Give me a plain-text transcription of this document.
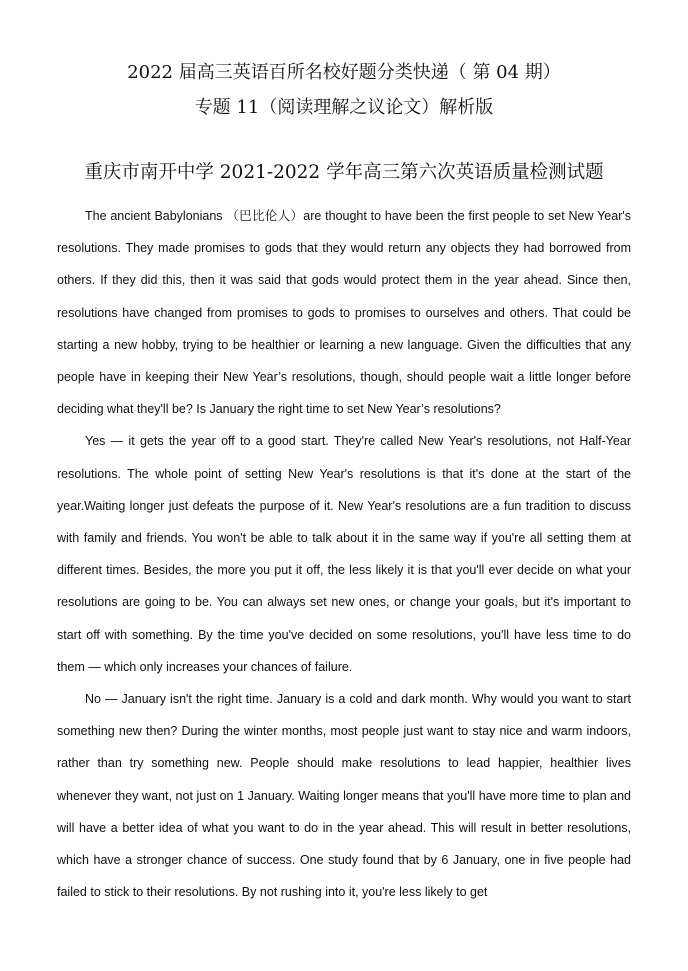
2022 届高三英语百所名校好题分类快递（ 第 04 期）
专题 11（阅读理解之议论文）解析版
重庆市南开中学 2021-2022 学年高三第六次英语质量检测试题

The ancient Babylonians （巴比伦人）are thought to have been the first people to set New Year's resolutions. They made promises to gods that they would return any objects they had borrowed from others. If they did this, then it was said that gods would protect them in the year ahead. Since then, resolutions have changed from promises to gods to promises to ourselves and others. That could be starting a new hobby, trying to be healthier or learning a new language. Given the difficulties that any people have in keeping their New Year’s resolutions, though, should people wait a little longer before deciding what they'll be? Is January the right time to set New Year’s resolutions?

Yes — it gets the year off to a good start. They're called New Year's resolutions, not Half-Year resolutions. The whole point of setting New Year's resolutions is that it's done at the start of the year.Waiting longer just defeats the purpose of it. New Year's resolutions are a fun tradition to discuss with family and friends. You won't be able to talk about it in the same way if you're all setting them at different times. Besides, the more you put it off, the less likely it is that you'll ever decide on what your resolutions are going to be. You can always set new ones, or change your goals, but it's important to start off with something. By the time you've decided on some resolutions, you'll have less time to do them — which only increases your chances of failure.

No — January isn't the right time. January is a cold and dark month. Why would you want to start something new then? During the winter months, most people just want to stay nice and warm indoors, rather than try something new. People should make resolutions to lead happier, healthier lives whenever they want, not just on 1 January. Waiting longer means that you'll have more time to plan and will have a better idea of what you want to do in the year ahead. This will result in better resolutions, which have a stronger chance of success. One study found that by 6 January, one in five people had failed to stick to their resolutions. By not rushing into it, you're less likely to get
